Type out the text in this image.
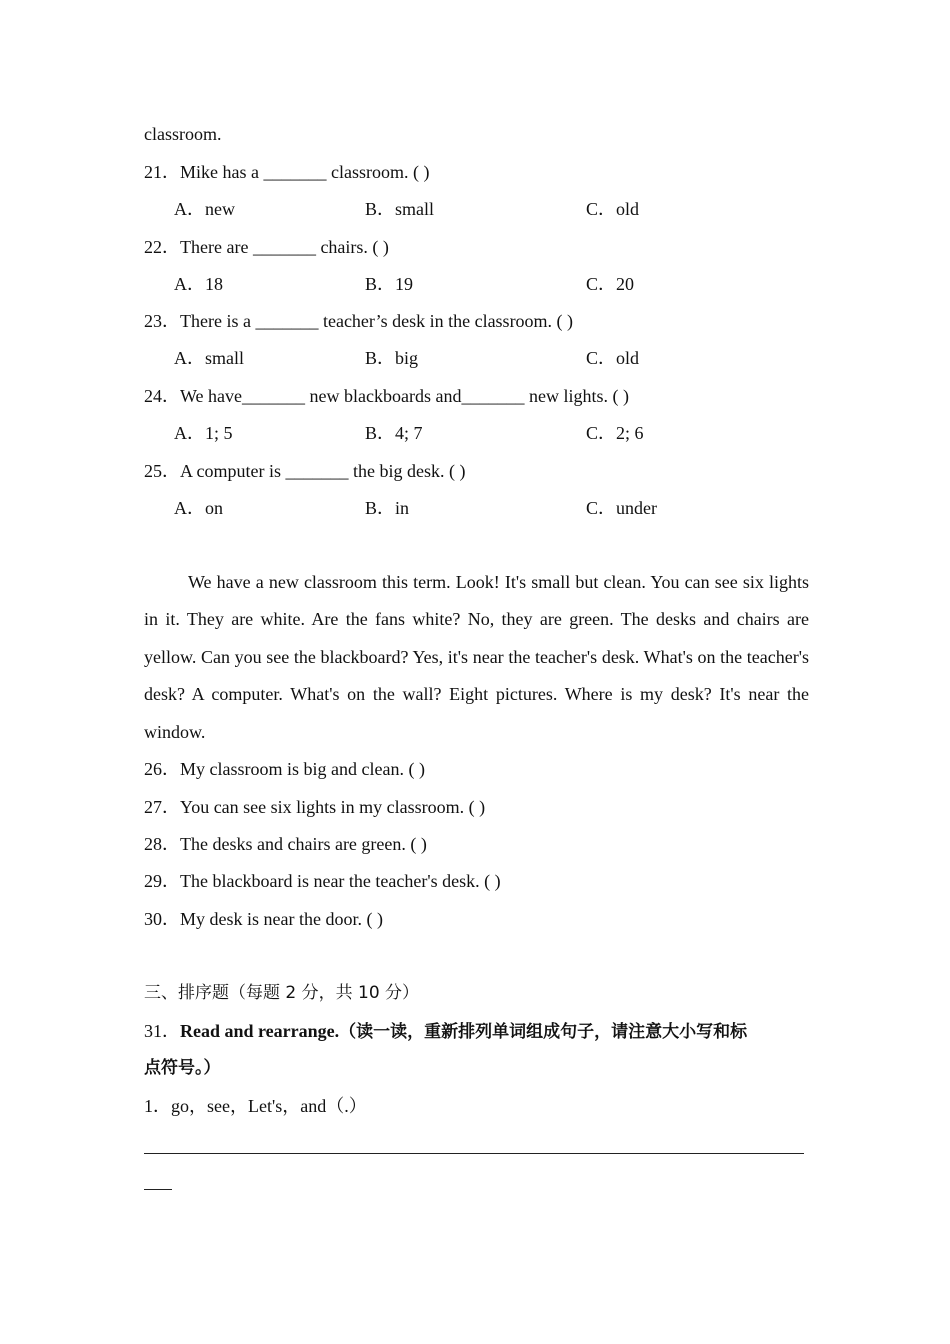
classroom.
21．Mike has a _______ classroom. ( )
A．new	B．small	C．old
22．There are _______ chairs. ( )
A．18	B．19	C．20
23．There is a _______ teacher’s desk in the classroom. ( )
A．small	B．big	C．old
24．We have_______ new blackboards and_______ new lights. ( )
A．1; 5	B．4; 7	C．2; 6
25．A computer is _______ the big desk. ( )
A．on	B．in	C．under

We have a new classroom this term. Look! It's small but clean. You can see six lights in it. They are white. Are the fans white? No, they are green. The desks and chairs are yellow. Can you see the blackboard? Yes, it's near the teacher's desk. What's on the teacher's desk? A computer. What's on the wall? Eight pictures. Where is my desk? It's near the window.

26．My classroom is big and clean. ( )
27．You can see six lights in my classroom. ( )
28．The desks and chairs are green. ( )
29．The blackboard is near the teacher's desk. ( )
30．My desk is near the door. ( )
三、排序题（每题 2 分，共 10 分）
31．Read and rearrange.（读一读，重新排列单词组成句子，请注意大小写和标
点符号。）
1．go，see，Let's，and（.）
